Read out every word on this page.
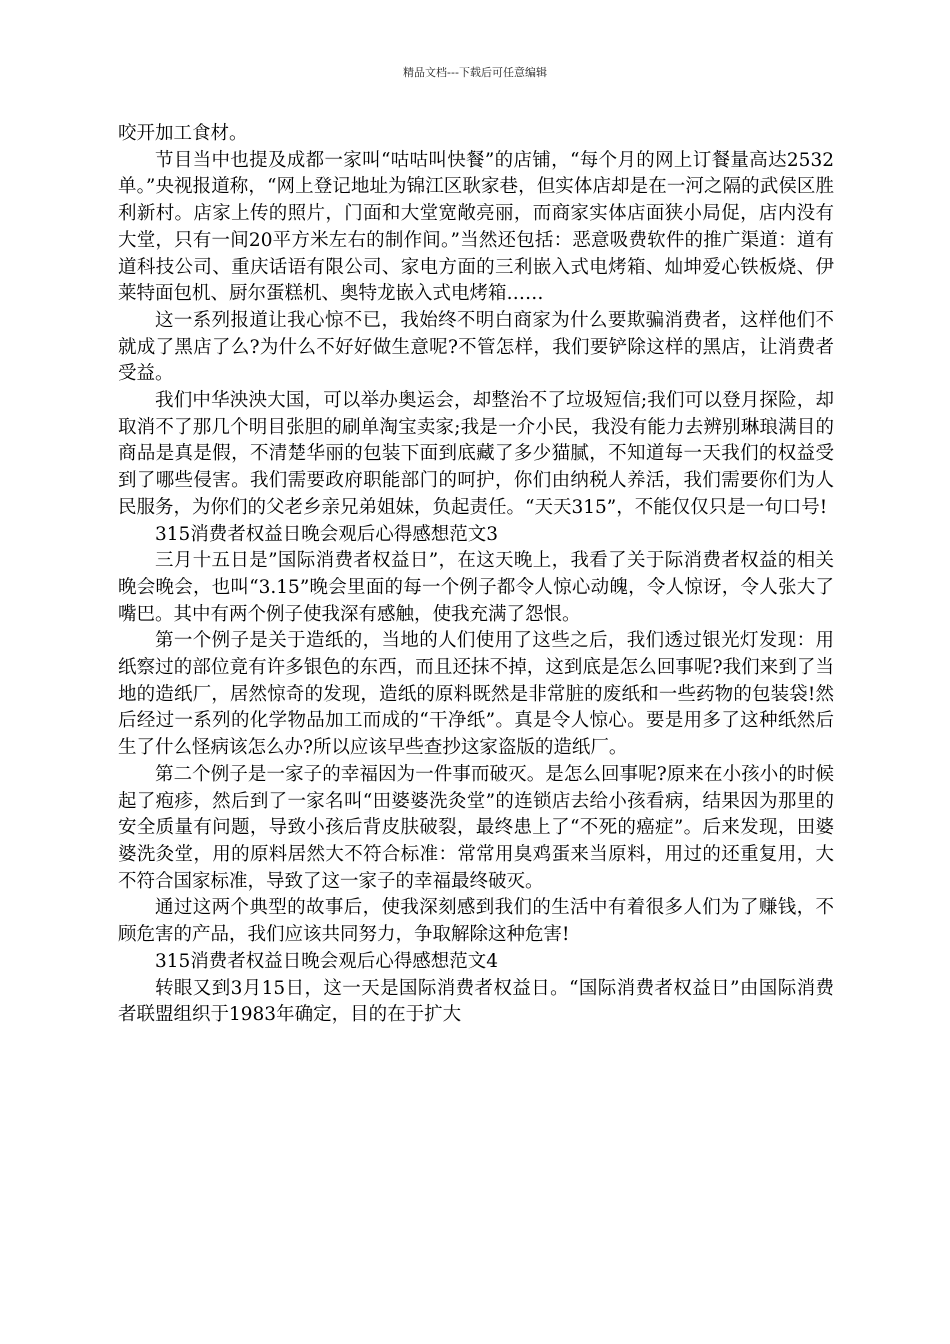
精品文档---下载后可任意编辑

咬开加工食材。

节目当中也提及成都一家叫“咕咕叫快餐”的店铺，“每个月的网上订餐量高达2532单。”央视报道称，“网上登记地址为锦江区耿家巷，但实体店却是在一河之隔的武侯区胜利新村。店家上传的照片，门面和大堂宽敞亮丽，而商家实体店面狭小局促，店内没有大堂，只有一间20平方米左右的制作间。”当然还包括：恶意吸费软件的推广渠道：道有道科技公司、重庆话语有限公司、家电方面的三利嵌入式电烤箱、灿坤爱心铁板烧、伊莱特面包机、厨尔蛋糕机、奥特龙嵌入式电烤箱……

这一系列报道让我心惊不已，我始终不明白商家为什么要欺骗消费者，这样他们不就成了黑店了么?为什么不好好做生意呢?不管怎样，我们要铲除这样的黑店，让消费者受益。

我们中华泱泱大国，可以举办奥运会，却整治不了垃圾短信;我们可以登月探险，却取消不了那几个明目张胆的刷单淘宝卖家;我是一介小民，我没有能力去辨别琳琅满目的商品是真是假，不清楚华丽的包装下面到底藏了多少猫腻，不知道每一天我们的权益受到了哪些侵害。我们需要政府职能部门的呵护，你们由纳税人养活，我们需要你们为人民服务，为你们的父老乡亲兄弟姐妹，负起责任。“天天315”，不能仅仅只是一句口号!

315消费者权益日晚会观后心得感想范文3

三月十五日是”国际消费者权益日”，在这天晚上，我看了关于际消费者权益的相关晚会晚会，也叫“3.15”晚会里面的每一个例子都令人惊心动魄，令人惊讶，令人张大了嘴巴。其中有两个例子使我深有感触，使我充满了怨恨。

第一个例子是关于造纸的，当地的人们使用了这些之后，我们透过银光灯发现：用纸察过的部位竟有许多银色的东西，而且还抹不掉，这到底是怎么回事呢?我们来到了当地的造纸厂，居然惊奇的发现，造纸的原料既然是非常脏的废纸和一些药物的包装袋!然后经过一系列的化学物品加工而成的“干净纸”。真是令人惊心。要是用多了这种纸然后生了什么怪病该怎么办?所以应该早些查抄这家盗版的造纸厂。

第二个例子是一家子的幸福因为一件事而破灭。是怎么回事呢?原来在小孩小的时候起了疱疹，然后到了一家名叫“田婆婆洗灸堂”的连锁店去给小孩看病，结果因为那里的安全质量有问题，导致小孩后背皮肤破裂，最终患上了“不死的癌症”。后来发现，田婆婆洗灸堂，用的原料居然大不符合标准：常常用臭鸡蛋来当原料，用过的还重复用，大不符合国家标准，导致了这一家子的幸福最终破灭。

通过这两个典型的故事后，使我深刻感到我们的生活中有着很多人们为了赚钱，不顾危害的产品，我们应该共同努力，争取解除这种危害!

315消费者权益日晚会观后心得感想范文4

转眼又到3月15日，这一天是国际消费者权益日。“国际消费者权益日”由国际消费者联盟组织于1983年确定，目的在于扩大
